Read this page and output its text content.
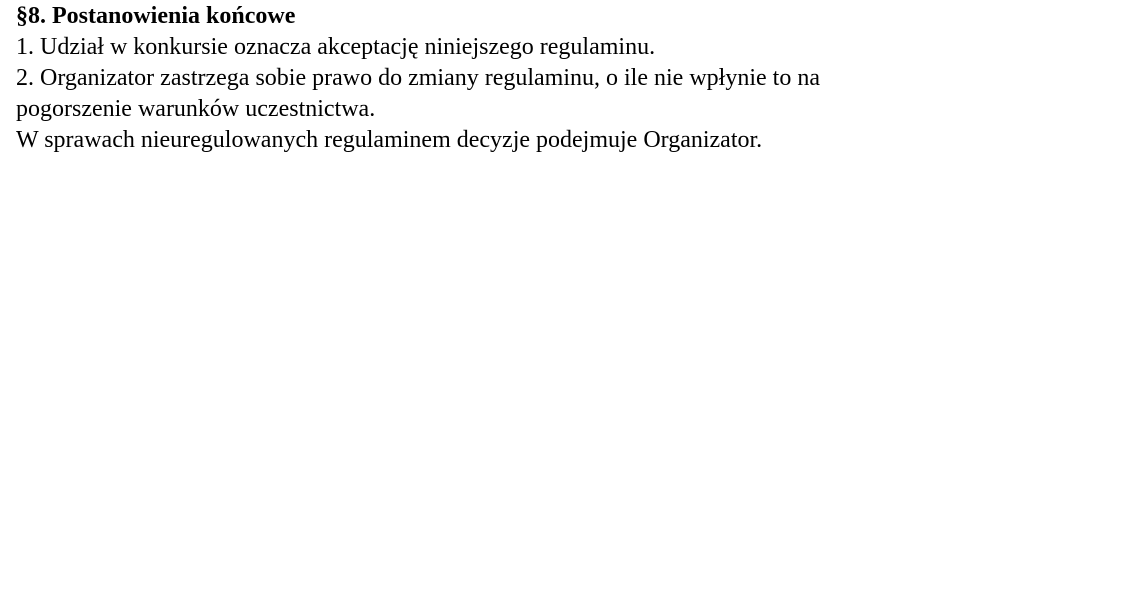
§8. Postanowienia końcowe

1. Udział w konkursie oznacza akceptację niniejszego regulaminu.

2. Organizator zastrzega sobie prawo do zmiany regulaminu, o ile nie wpłynie to na pogorszenie warunków uczestnictwa.

W sprawach nieuregulowanych regulaminem decyzje podejmuje Organizator.
